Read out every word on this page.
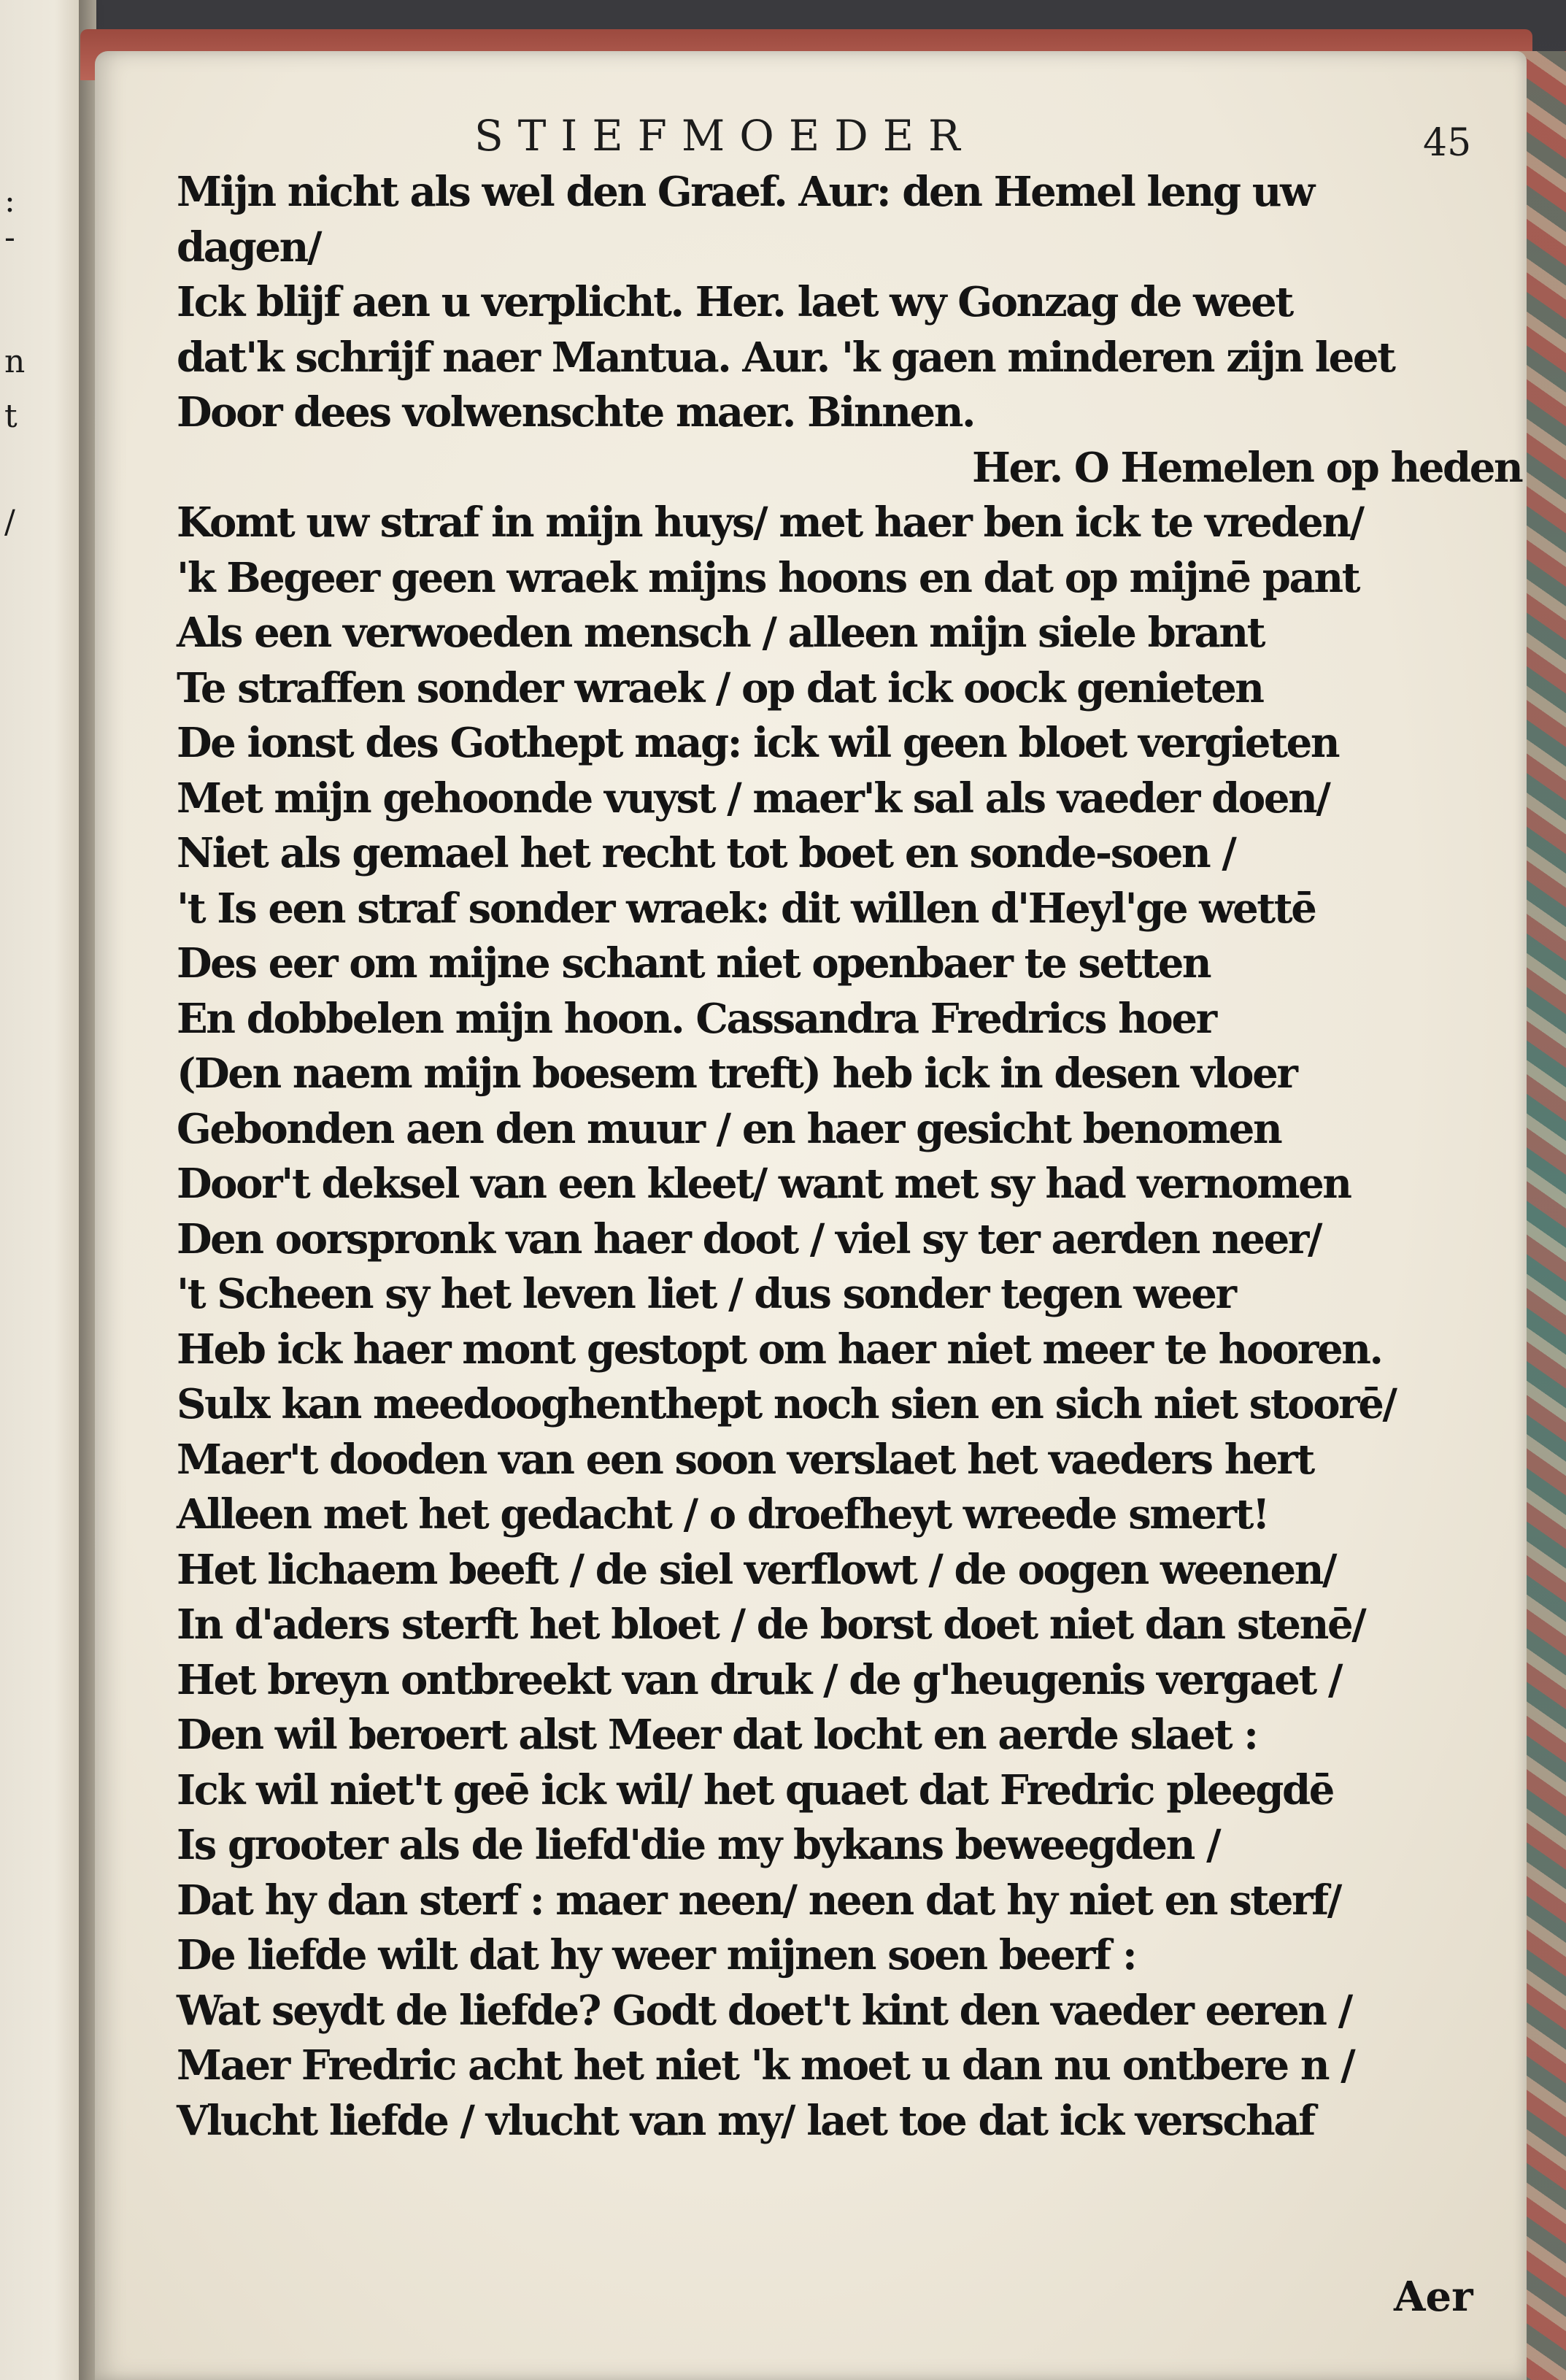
:
-
n
t
/
STIEFMOEDER	45
Mijn nicht als wel den Graef. Aur: den Hemel leng uw
dagen/
Ick blijf aen u verplicht. Her. laet wy Gonzag de weet
dat'k schrijf naer Mantua. Aur. 'k gaen minderen zijn leet
Door dees volwenschte maer. Binnen.
Her. O Hemelen op heden
Komt uw straf in mijn huys/ met haer ben ick te vreden/
'k Begeer geen wraek mijns hoons en dat op mijnē pant
Als een verwoeden mensch / alleen mijn siele brant
Te straffen sonder wraek / op dat ick oock genieten
De ionst des Gothept mag: ick wil geen bloet vergieten
Met mijn gehoonde vuyst / maer'k sal als vaeder doen/
Niet als gemael het recht tot boet en sonde-soen /
't Is een straf sonder wraek: dit willen d'Heyl'ge wettē
Des eer om mijne schant niet openbaer te setten
En dobbelen mijn hoon. Cassandra Fredrics hoer
(Den naem mijn boesem treft) heb ick in desen vloer
Gebonden aen den muur / en haer gesicht benomen
Door't deksel van een kleet/ want met sy had vernomen
Den oorspronk van haer doot / viel sy ter aerden neer/
't Scheen sy het leven liet / dus sonder tegen weer
Heb ick haer mont gestopt om haer niet meer te hooren.
Sulx kan meedooghenthept noch sien en sich niet stoorē/
Maer't dooden van een soon verslaet het vaeders hert
Alleen met het gedacht / o droefheyt wreede smert!
Het lichaem beeft / de siel verflowt / de oogen weenen/
In d'aders sterft het bloet / de borst doet niet dan stenē/
Het breyn ontbreekt van druk / de g'heugenis vergaet /
Den wil beroert alst Meer dat locht en aerde slaet :
Ick wil niet't geē ick wil/ het quaet dat Fredric pleegdē
Is grooter als de liefd'die my bykans beweegden /
Dat hy dan sterf : maer neen/ neen dat hy niet en sterf/
De liefde wilt dat hy weer mijnen soen beerf :
Wat seydt de liefde? Godt doet't kint den vaeder eeren /
Maer Fredric acht het niet 'k moet u dan nu ontbere n /
Vlucht liefde / vlucht van my/ laet toe dat ick verschaf
Aer
